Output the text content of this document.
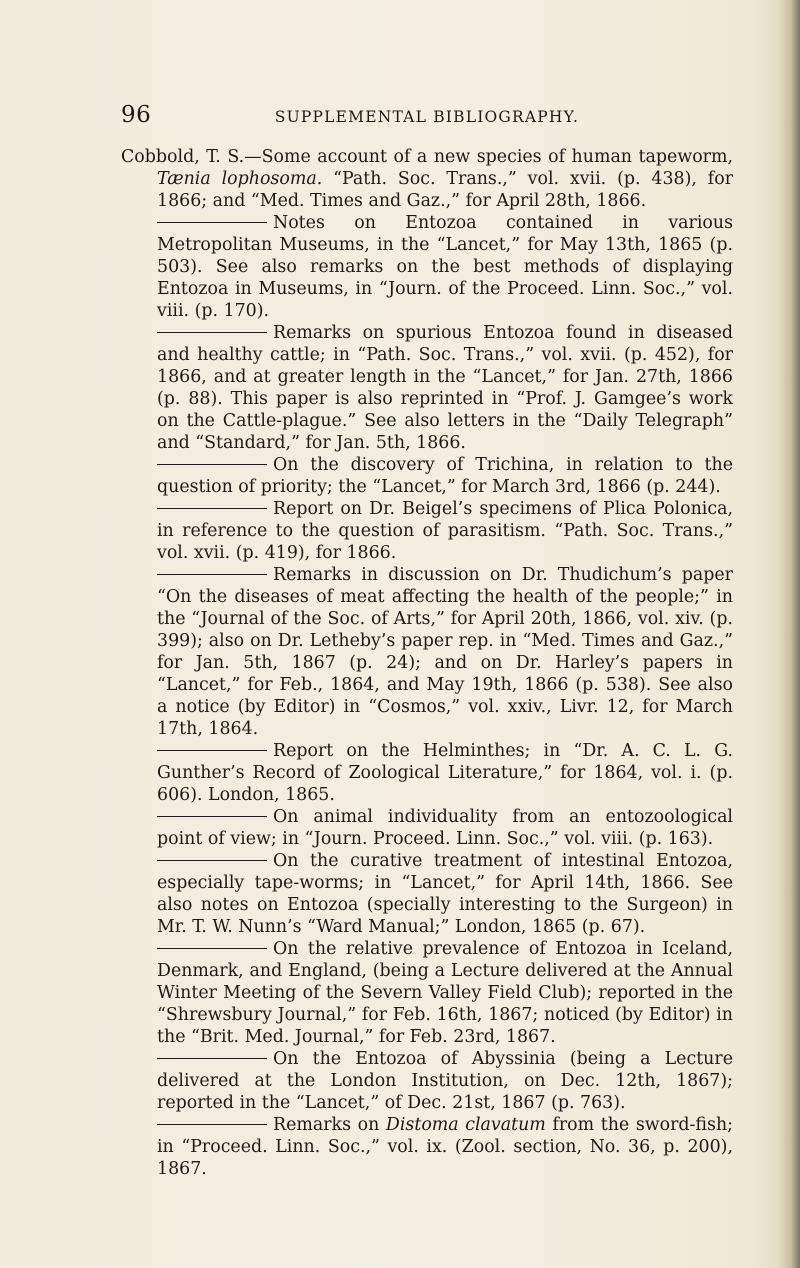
96	SUPPLEMENTAL BIBLIOGRAPHY.

Cobbold, T. S.—Some account of a new species of human tapeworm, Tænia lophosoma. “Path. Soc. Trans.,” vol. xvii. (p. 438), for 1866; and “Med. Times and Gaz.,” for April 28th, 1866.

Notes on Entozoa contained in various Metropolitan Museums, in the “Lancet,” for May 13th, 1865 (p. 503). See also remarks on the best methods of displaying Entozoa in Museums, in “Journ. of the Proceed. Linn. Soc.,” vol. viii. (p. 170).

Remarks on spurious Entozoa found in diseased and healthy cattle; in “Path. Soc. Trans.,” vol. xvii. (p. 452), for 1866, and at greater length in the “Lancet,” for Jan. 27th, 1866 (p. 88). This paper is also reprinted in “Prof. J. Gamgee’s work on the Cattle-plague.” See also letters in the “Daily Telegraph” and “Standard,” for Jan. 5th, 1866.

On the discovery of Trichina, in relation to the question of priority; the “Lancet,” for March 3rd, 1866 (p. 244).

Report on Dr. Beigel’s specimens of Plica Polonica, in reference to the question of parasitism. “Path. Soc. Trans.,” vol. xvii. (p. 419), for 1866.

Remarks in discussion on Dr. Thudichum’s paper “On the diseases of meat affecting the health of the people;” in the “Journal of the Soc. of Arts,” for April 20th, 1866, vol. xiv. (p. 399); also on Dr. Letheby’s paper rep. in “Med. Times and Gaz.,” for Jan. 5th, 1867 (p. 24); and on Dr. Harley’s papers in “Lancet,” for Feb., 1864, and May 19th, 1866 (p. 538). See also a notice (by Editor) in “Cosmos,” vol. xxiv., Livr. 12, for March 17th, 1864.

Report on the Helminthes; in “Dr. A. C. L. G. Gunther’s Record of Zoological Literature,” for 1864, vol. i. (p. 606). London, 1865.

On animal individuality from an entozoological point of view; in “Journ. Proceed. Linn. Soc.,” vol. viii. (p. 163).

On the curative treatment of intestinal Entozoa, especially tape-worms; in “Lancet,” for April 14th, 1866. See also notes on Entozoa (specially interesting to the Surgeon) in Mr. T. W. Nunn’s “Ward Manual;” London, 1865 (p. 67).

On the relative prevalence of Entozoa in Iceland, Denmark, and England, (being a Lecture delivered at the Annual Winter Meeting of the Severn Valley Field Club); reported in the “Shrewsbury Journal,” for Feb. 16th, 1867; noticed (by Editor) in the “Brit. Med. Journal,” for Feb. 23rd, 1867.

On the Entozoa of Abyssinia (being a Lecture delivered at the London Institution, on Dec. 12th, 1867); reported in the “Lancet,” of Dec. 21st, 1867 (p. 763).

Remarks on Distoma clavatum from the sword-fish; in “Proceed. Linn. Soc.,” vol. ix. (Zool. section, No. 36, p. 200), 1867.
